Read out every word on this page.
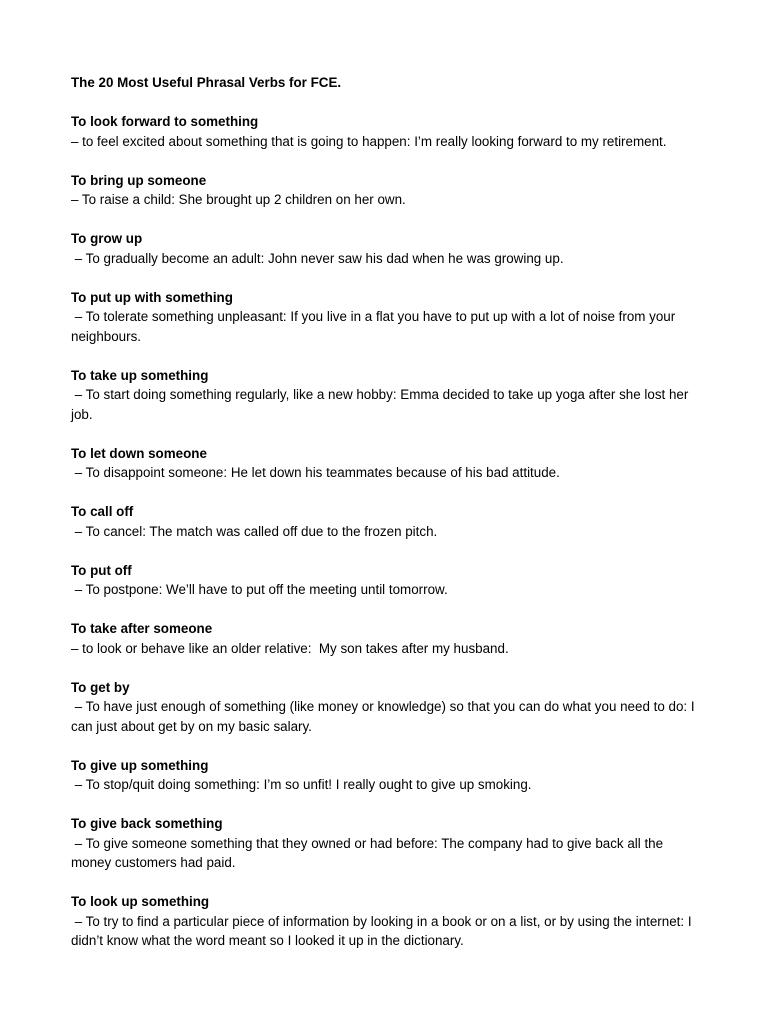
The 20 Most Useful Phrasal Verbs for FCE.
To look forward to something
– to feel excited about something that is going to happen: I’m really looking forward to my retirement.
To bring up someone
– To raise a child: She brought up 2 children on her own.
To grow up
– To gradually become an adult: John never saw his dad when he was growing up.
To put up with something
– To tolerate something unpleasant: If you live in a flat you have to put up with a lot of noise from your neighbours.
To take up something
– To start doing something regularly, like a new hobby: Emma decided to take up yoga after she lost her job.
To let down someone
– To disappoint someone: He let down his teammates because of his bad attitude.
To call off
– To cancel: The match was called off due to the frozen pitch.
To put off
– To postpone: We’ll have to put off the meeting until tomorrow.
To take after someone
– to look or behave like an older relative:  My son takes after my husband.
To get by
– To have just enough of something (like money or knowledge) so that you can do what you need to do: I can just about get by on my basic salary.
To give up something
– To stop/quit doing something: I’m so unfit! I really ought to give up smoking.
To give back something
– To give someone something that they owned or had before: The company had to give back all the money customers had paid.
To look up something
– To try to find a particular piece of information by looking in a book or on a list, or by using the internet: I didn’t know what the word meant so I looked it up in the dictionary.
